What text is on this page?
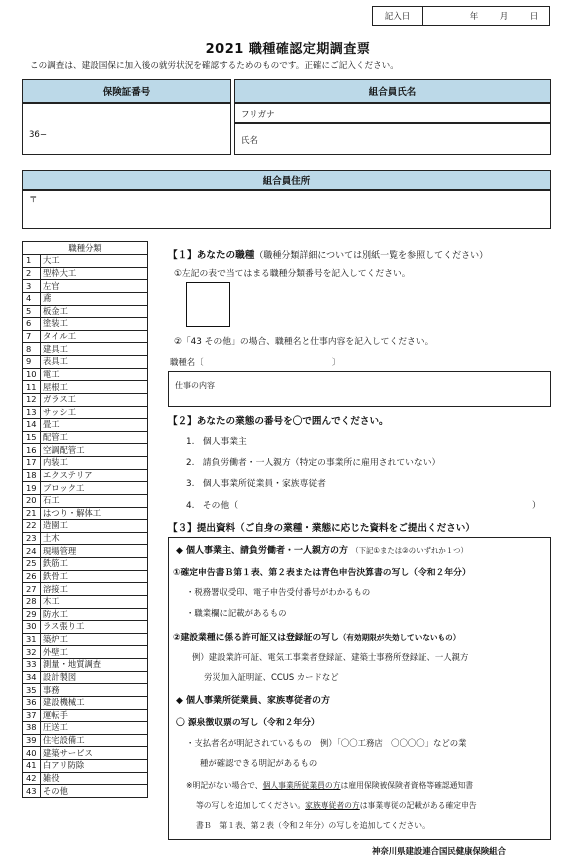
記入日	年	月	日
2021 職種確認定期調査票
この調査は、建設国保に加入後の就労状況を確認するためのものです。正確にご記入ください。
保険証番号
36−
組合員氏名
フリガナ
氏名
組合員住所
〒
職種分類	
1	大工
2	型枠大工
3	左官
4	鳶
5	板金工
6	塗装工
7	タイル工
8	建具工
9	表具工
10	電工
11	屋根工
12	ガラス工
13	サッシ工
14	畳工
15	配管工
16	空調配管工
17	内装工
18	エクステリア
19	ブロック工
20	石工
21	はつり・解体工
22	造園工
23	土木
24	現場管理
25	鉄筋工
26	鉄骨工
27	溶接工
28	木工
29	防水工
30	ラス張り工
31	築炉工
32	外壁工
33	測量・地質調査
34	設計製図
35	事務
36	建設機械工
37	運転手
38	圧送工
39	住宅設備工
40	建築サービス
41	白アリ防除
42	雑役
43	その他
【１】あなたの職種（職種分類詳細については別紙一覧を参照してください）
①左記の表で当てはまる職種分類番号を記入してください。
②「43 その他」の場合、職種名と仕事内容を記入してください。
職種名〔	〕
仕事の内容
【２】あなたの業態の番号を〇で囲んでください。
1. 個人事業主
2. 請負労働者・一人親方（特定の事業所に雇用されていない）
3. 個人事業所従業員・家族専従者
4. その他（	）
【３】提出資料（ご自身の業種・業態に応じた資料をご提出ください）
◆ 個人事業主、請負労働者・一人親方の方 （下記①または②のいずれか１つ）
①確定申告書Ｂ第１表、第２表または青色申告決算書の写し（令和２年分）
・税務署収受印、電子申告受付番号がわかるもの
・職業欄に記載があるもの
②建設業種に係る許可証又は登録証の写し（有効期限が失効していないもの）
例）建設業許可証、電気工事業者登録証、建築士事務所登録証、一人親方
労災加入証明証、CCUS カードなど
◆ 個人事業所従業員、家族専従者の方
〇 源泉徴収票の写し（令和２年分）
・支払者名が明記されているもの　例）「〇〇工務店　〇〇〇〇」などの業
種が確認できる明記があるもの
※明記がない場合で、個人事業所従業員の方は雇用保険被保険者資格等確認通知書
等の写しを追加してください。家族専従者の方は事業専従の記載がある確定申告
書Ｂ　第１表、第２表（令和２年分）の写しを追加してください。
神奈川県建設連合国民健康保険組合
